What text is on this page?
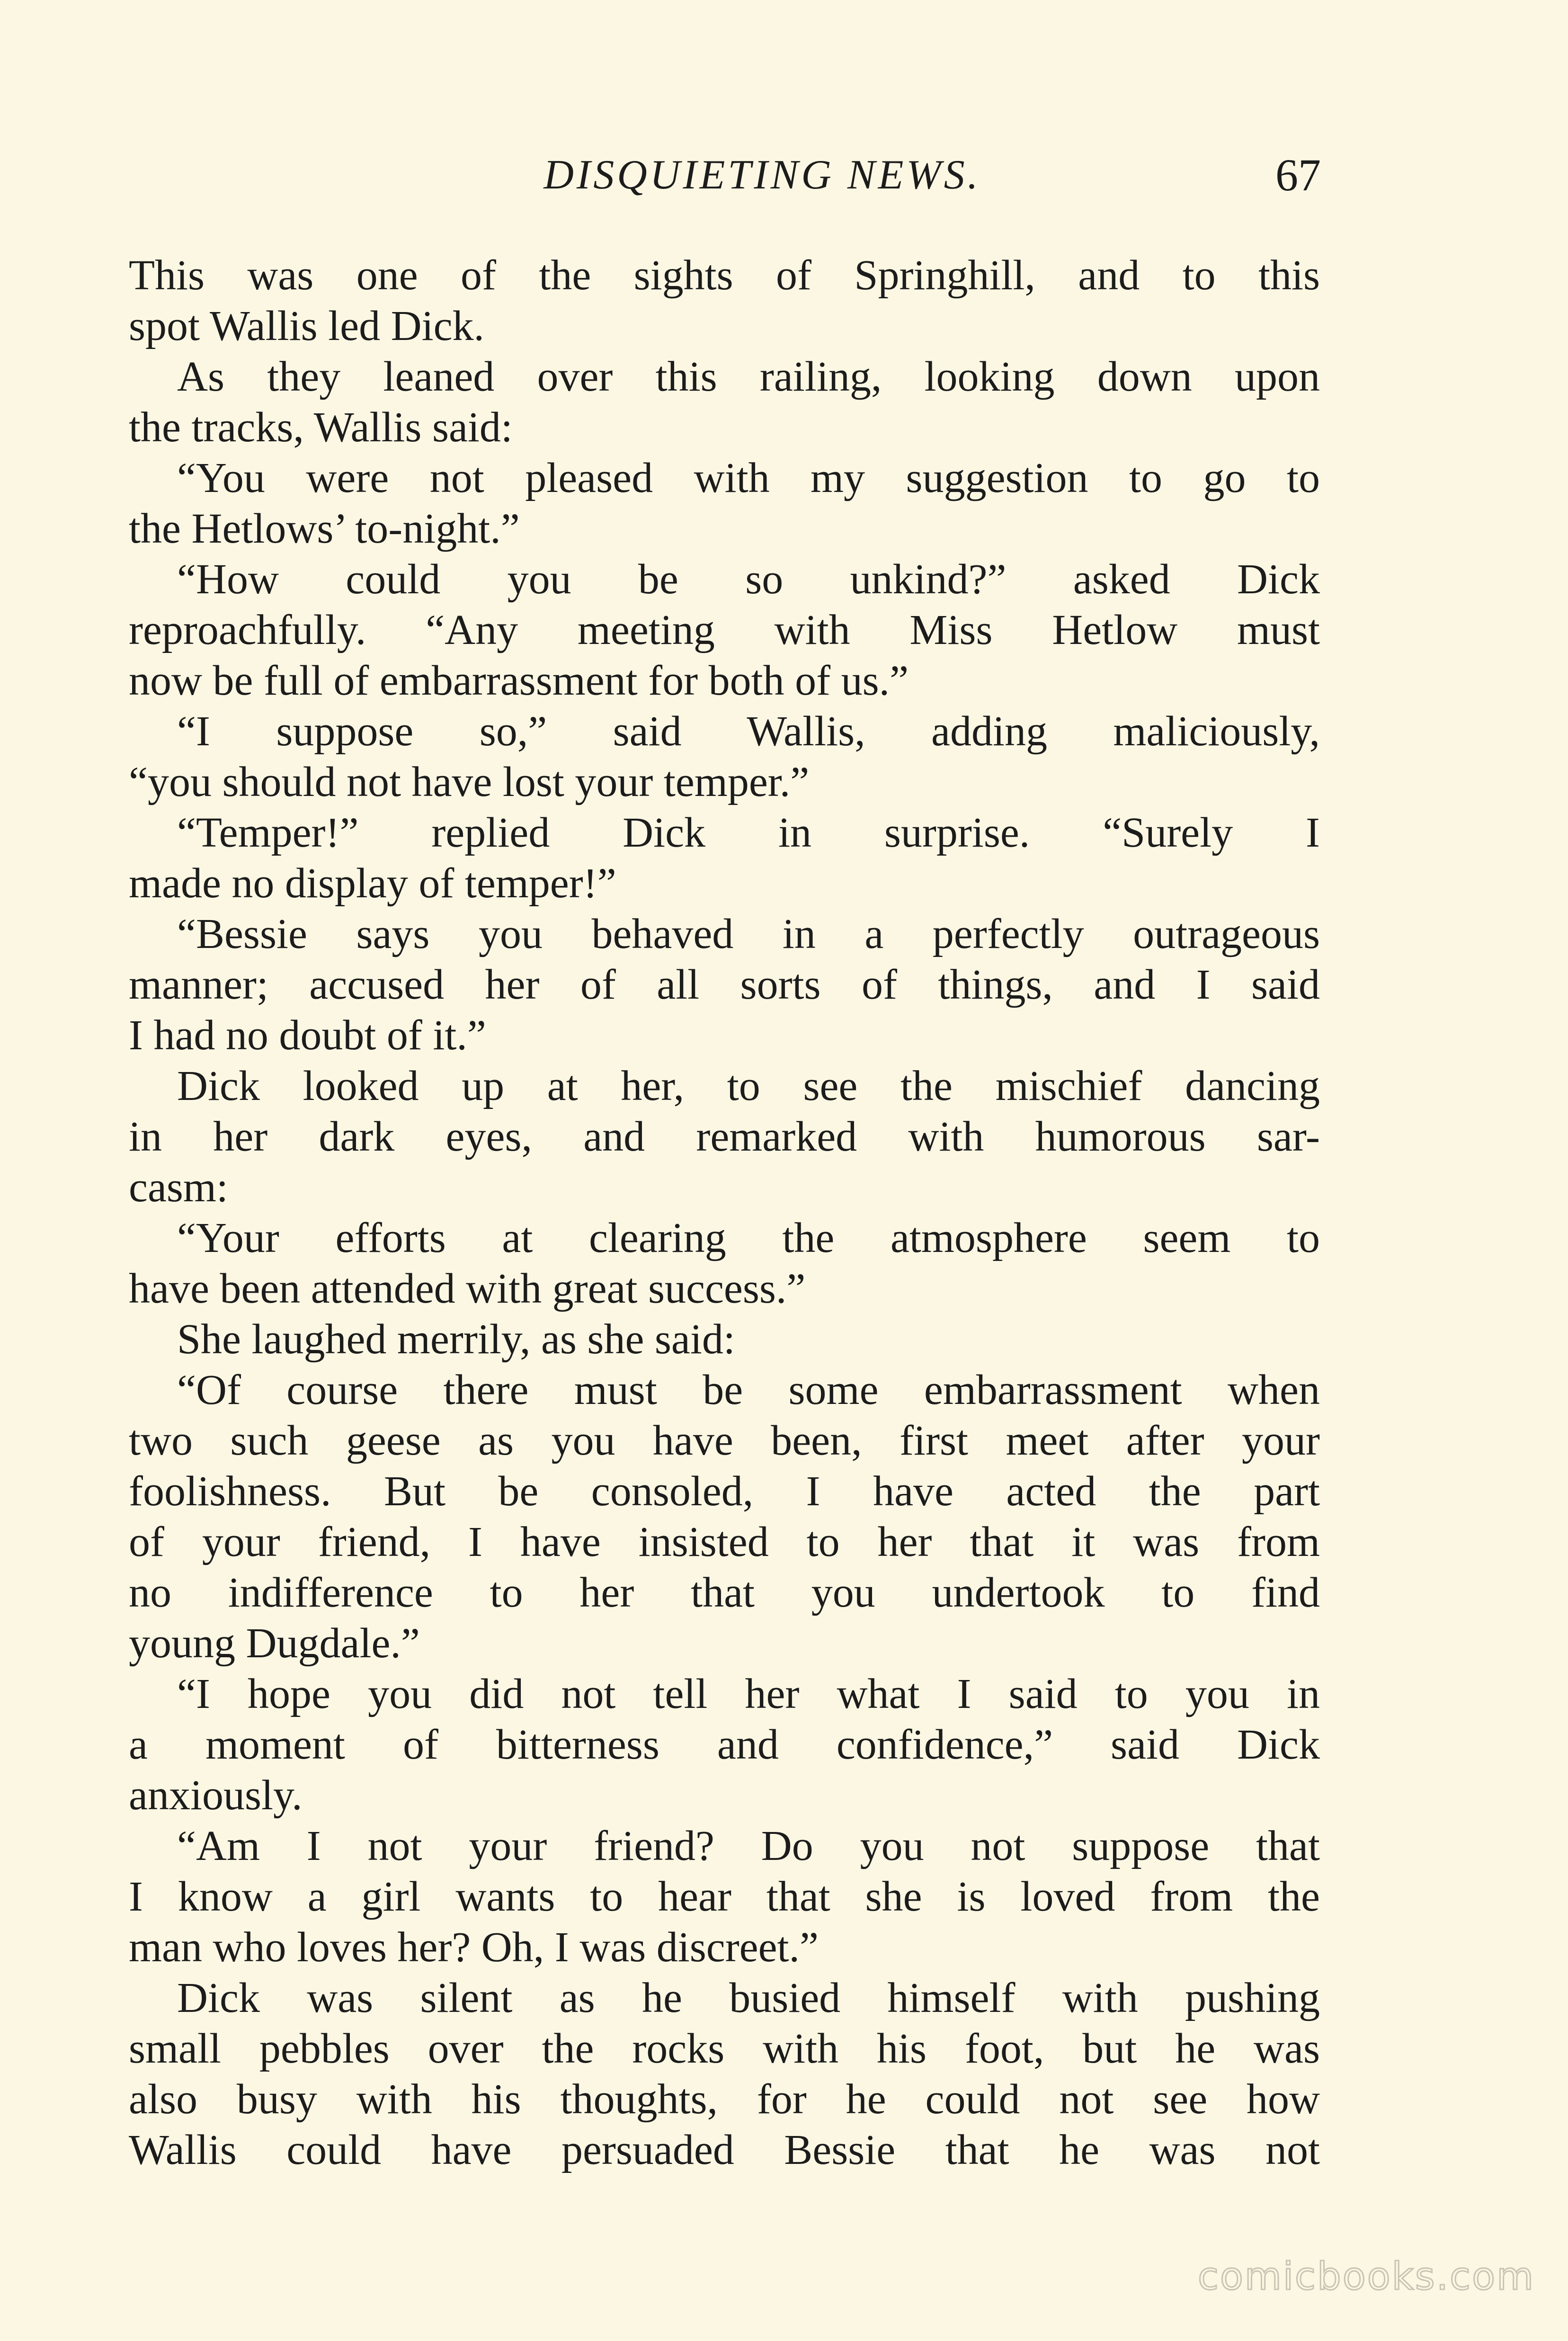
DISQUIETING NEWS.	67
This was one of the sights of Springhill, and to this
spot Wallis led Dick.
As they leaned over this railing, looking down upon
the tracks, Wallis said:
“You were not pleased with my suggestion to go to
the Hetlows’ to-night.”
“How could you be so unkind?” asked Dick
reproachfully. “Any meeting with Miss Hetlow must
now be full of embarrassment for both of us.”
“I suppose so,” said Wallis, adding maliciously,
“you should not have lost your temper.”
“Temper!” replied Dick in surprise. “Surely I
made no display of temper!”
“Bessie says you behaved in a perfectly outrageous
manner; accused her of all sorts of things, and I said
I had no doubt of it.”
Dick looked up at her, to see the mischief dancing
in her dark eyes, and remarked with humorous sar-
casm:
“Your efforts at clearing the atmosphere seem to
have been attended with great success.”
She laughed merrily, as she said:
“Of course there must be some embarrassment when
two such geese as you have been, first meet after your
foolishness. But be consoled, I have acted the part
of your friend, I have insisted to her that it was from
no indifference to her that you undertook to find
young Dugdale.”
“I hope you did not tell her what I said to you in
a moment of bitterness and confidence,” said Dick
anxiously.
“Am I not your friend? Do you not suppose that
I know a girl wants to hear that she is loved from the
man who loves her? Oh, I was discreet.”
Dick was silent as he busied himself with pushing
small pebbles over the rocks with his foot, but he was
also busy with his thoughts, for he could not see how
Wallis could have persuaded Bessie that he was not
comicbooks.com
